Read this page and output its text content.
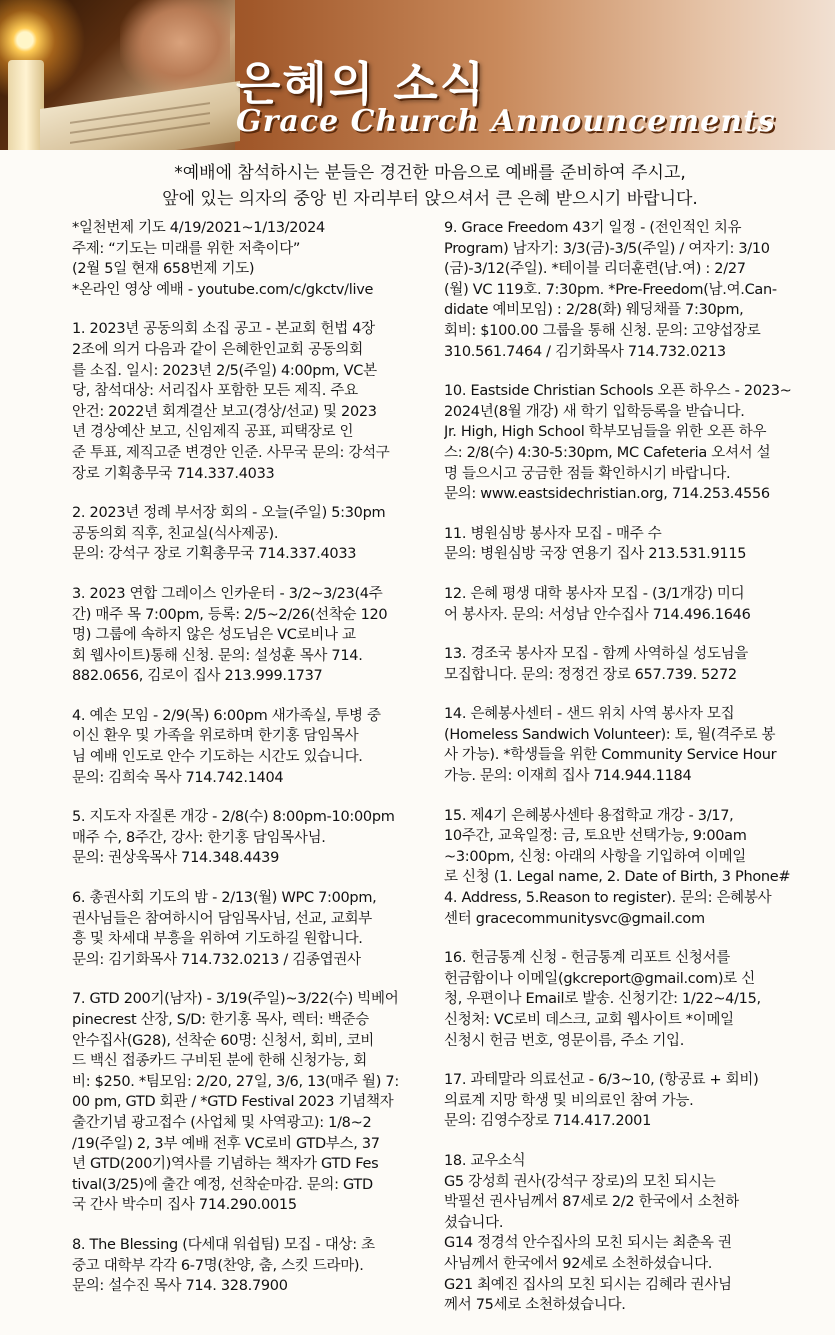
은혜의 소식
Grace Church Announcements
*예배에 참석하시는 분들은 경건한 마음으로 예배를 준비하여 주시고,
앞에 있는 의자의 중앙 빈 자리부터 앉으셔서 큰 은혜 받으시기 바랍니다.
*일천번제 기도 4/19/2021~1/13/2024
주제: “기도는 미래를 위한 저축이다”
(2월 5일 현재 658번제 기도)
*온라인 영상 예배 - youtube.com/c/gkctv/live
1. 2023년 공동의회 소집 공고 - 본교회 헌법 4장
2조에 의거 다음과 같이 은혜한인교회 공동의회
를 소집. 일시: 2023년 2/5(주일) 4:00pm, VC본
당, 참석대상: 서리집사 포함한 모든 제직. 주요
안건: 2022년 회계결산 보고(경상/선교) 및 2023
년 경상예산 보고, 신임제직 공표, 피택장로 인
준 투표, 제직고준 변경안 인준. 사무국 문의: 강석구
장로 기획총무국 714.337.4033
2. 2023년 정례 부서장 회의 - 오늘(주일) 5:30pm
공동의회 직후, 친교실(식사제공).
문의: 강석구 장로 기획총무국 714.337.4033
3. 2023 연합 그레이스 인카운터 - 3/2~3/23(4주
간) 매주 목 7:00pm, 등록: 2/5~2/26(선착순 120
명) 그룹에 속하지 않은 성도님은 VC로비나 교
회 웹사이트)통해 신청. 문의: 설성훈 목사 714.
882.0656, 김로이 집사 213.999.1737
4. 예손 모임 - 2/9(목) 6:00pm 새가족실, 투병 중
이신 환우 및 가족을 위로하며 한기홍 담임목사
님 예배 인도로 안수 기도하는 시간도 있습니다.
문의: 김희숙 목사 714.742.1404
5. 지도자 자질론 개강 - 2/8(수) 8:00pm-10:00pm
매주 수, 8주간, 강사: 한기홍 담임목사님.
문의: 권상욱목사 714.348.4439
6. 총권사회 기도의 밤 - 2/13(월) WPC 7:00pm,
권사님들은 참여하시어 담임목사님, 선교, 교회부
흥 및 차세대 부흥을 위하여 기도하길 원합니다.
문의: 김기화목사 714.732.0213 / 김종엽권사
7. GTD 200기(남자) - 3/19(주일)~3/22(수) 빅베어
pinecrest 산장, S/D: 한기홍 목사, 렉터: 백준승
안수집사(G28), 선착순 60명: 신청서, 회비, 코비
드 백신 접종카드 구비된 분에 한해 신청가능, 회
비: $250. *팀모임: 2/20, 27일, 3/6, 13(매주 월) 7:
00 pm, GTD 회관 / *GTD Festival 2023 기념책자
출간기념 광고접수 (사업체 및 사역광고): 1/8~2
/19(주일) 2, 3부 예배 전후 VC로비 GTD부스, 37
년 GTD(200기)역사를 기념하는 책자가 GTD Fes
tival(3/25)에 출간 예정, 선착순마감. 문의: GTD
국 간사 박수미 집사 714.290.0015
8. The Blessing (다세대 워쉽팀) 모집 - 대상: 초
중고 대학부 각각 6-7명(찬양, 춤, 스킷 드라마).
문의: 설수진 목사 714. 328.7900
9. Grace Freedom 43기 일정 - (전인적인 치유
Program) 남자기: 3/3(금)-3/5(주일) / 여자기: 3/10
(금)-3/12(주일). *테이블 리더훈련(남.여) : 2/27
(월) VC 119호. 7:30pm. *Pre-Freedom(남.여.Can-
didate 예비모임) : 2/28(화) 웨딩채플 7:30pm,
회비: $100.00 그룹을 통해 신청. 문의: 고양섭장로
310.561.7464 / 김기화목사 714.732.0213
10. Eastside Christian Schools 오픈 하우스 - 2023~
2024년(8월 개강) 새 학기 입학등록을 받습니다.
Jr. High, High School 학부모님들을 위한 오픈 하우
스: 2/8(수) 4:30-5:30pm, MC Cafeteria 오셔서 설
명 들으시고 궁금한 점들 확인하시기 바랍니다.
문의: www.eastsidechristian.org, 714.253.4556
11. 병원심방 봉사자 모집 - 매주 수
문의: 병원심방 국장 연용기 집사 213.531.9115
12. 은혜 평생 대학 봉사자 모집 - (3/1개강) 미디
어 봉사자. 문의: 서성남 안수집사 714.496.1646
13. 경조국 봉사자 모집 - 함께 사역하실 성도님을
모집합니다. 문의: 정정건 장로 657.739. 5272
14. 은혜봉사센터 - 샌드 위치 사역 봉사자 모집
(Homeless Sandwich Volunteer): 토, 월(격주로 봉
사 가능). *학생들을 위한 Community Service Hour
가능. 문의: 이재희 집사 714.944.1184
15. 제4기 은혜봉사센타 용접학교 개강 - 3/17,
10주간, 교육일정: 금, 토요반 선택가능, 9:00am
~3:00pm, 신청: 아래의 사항을 기입하여 이메일
로 신청 (1. Legal name, 2. Date of Birth, 3 Phone#
4. Address, 5.Reason to register). 문의: 은혜봉사
센터 gracecommunitysvc@gmail.com
16. 헌금통계 신청 - 헌금통계 리포트 신청서를
헌금함이나 이메일(gkcreport@gmail.com)로 신
청, 우편이나 Email로 발송. 신청기간: 1/22~4/15,
신청처: VC로비 데스크, 교회 웹사이트 *이메일
신청시 헌금 번호, 영문이름, 주소 기입.
17. 과테말라 의료선교 - 6/3~10, (항공료 + 회비)
의료계 지망 학생 및 비의료인 참여 가능.
문의: 김영수장로 714.417.2001
18. 교우소식
G5 강성희 권사(강석구 장로)의 모친 되시는
박필선 권사님께서 87세로 2/2 한국에서 소천하
셨습니다.
G14 정경석 안수집사의 모친 되시는 최춘옥 권
사님께서 한국에서 92세로 소천하셨습니다.
G21 최예진 집사의 모친 되시는 김혜라 권사님
께서 75세로 소천하셨습니다.
